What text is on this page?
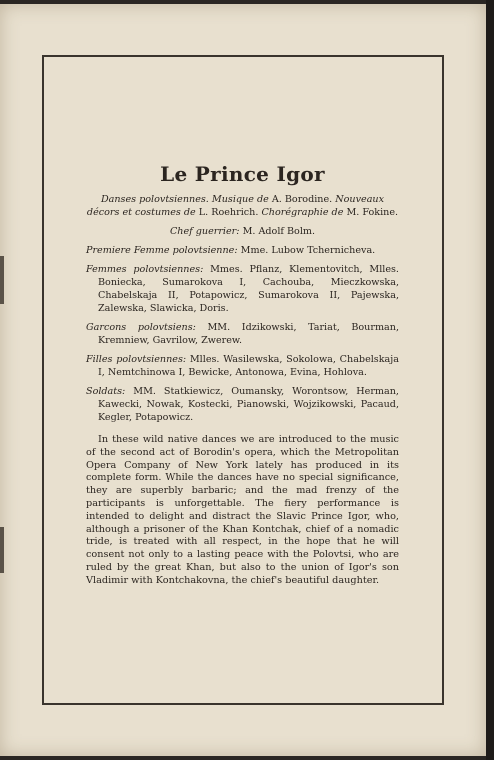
Le Prince Igor

Danses polovtsiennes. Musique de A. Borodine. Nouveaux décors et costumes de L. Roehrich. Chorégraphie de M. Fokine.

Chef guerrier: M. Adolf Bolm.

Premiere Femme polovtsienne: Mme. Lubow Tchernicheva.

Femmes polovtsiennes: Mmes. Pflanz, Klementovitch, Mlles. Boniecka, Sumarokova I, Cachouba, Mieczkowska, Chabelskaja II, Potapowicz, Sumarokova II, Pajewska, Zalewska, Slawicka, Doris.

Garcons polovtsiens: MM. Idzikowski, Tariat, Bourman, Kremniew, Gavrilow, Zwerew.

Filles polovtsiennes: Mlles. Wasilewska, Sokolowa, Chabelskaja I, Nemtchinowa I, Bewicke, Antonowa, Evina, Hohlova.

Soldats: MM. Statkiewicz, Oumansky, Worontsow, Herman, Kawecki, Nowak, Kostecki, Pianowski, Wojzikowski, Pacaud, Kegler, Potapowicz.

In these wild native dances we are introduced to the music of the second act of Borodin's opera, which the Metropolitan Opera Company of New York lately has produced in its complete form. While the dances have no special significance, they are superbly barbaric; and the mad frenzy of the participants is unforgettable. The fiery performance is intended to delight and distract the Slavic Prince Igor, who, although a prisoner of the Khan Kontchak, chief of a nomadic tride, is treated with all respect, in the hope that he will consent not only to a lasting peace with the Polovtsi, who are ruled by the great Khan, but also to the union of Igor's son Vladimir with Kontchakovna, the chief's beautiful daughter.
